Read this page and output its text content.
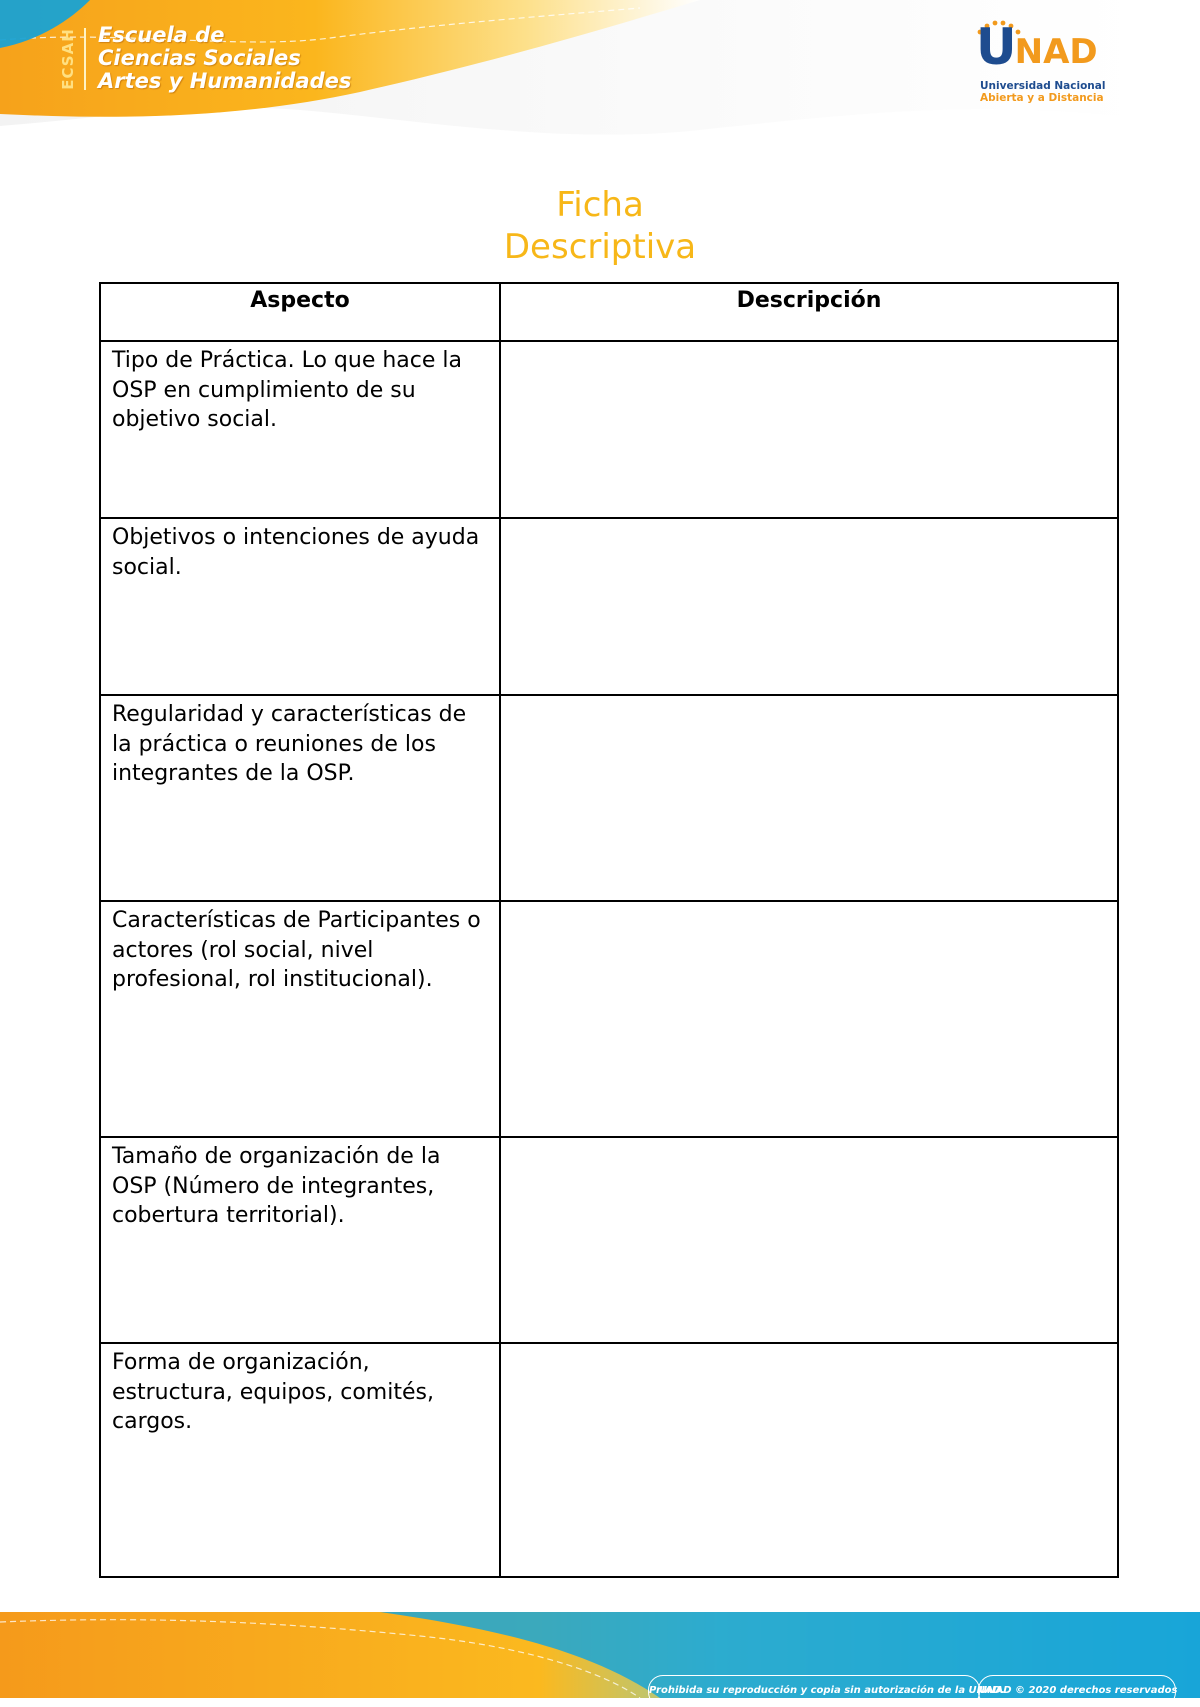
ECSAH Escuela de
Ciencias Sociales
Artes y Humanidades
U
NAD
Universidad Nacional
Abierta y a Distancia
Ficha
Descriptiva
Aspecto	Descripción
Tipo de Práctica. Lo que hace la OSP en cumplimiento de su objetivo social.	
Objetivos o intenciones de ayuda social.	
Regularidad y características de la práctica o reuniones de los integrantes de la OSP.	
Características de Participantes o actores (rol social, nivel profesional, rol institucional).	
Tamaño de organización de la OSP (Número de integrantes, cobertura territorial).	
Forma de organización, estructura, equipos, comités, cargos.	
Prohibida su reproducción y copia sin autorización de la UNAD.
UNAD © 2020 derechos reservados
